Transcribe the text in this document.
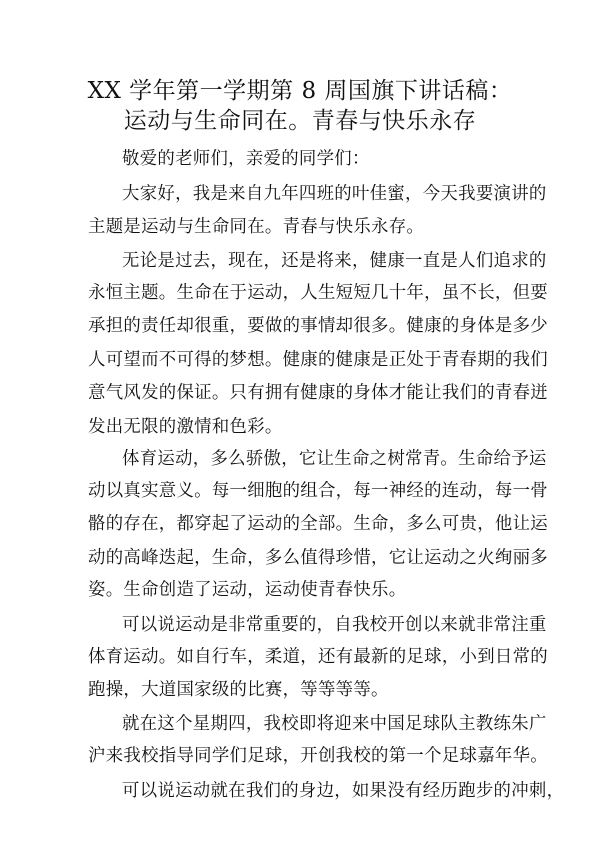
XX 学年第一学期第 8 周国旗下讲话稿：
运动与生命同在。青春与快乐永存
敬爱的老师们，亲爱的同学们：
大家好，我是来自九年四班的叶佳蜜，今天我要演讲的
主题是运动与生命同在。青春与快乐永存。
无论是过去，现在，还是将来，健康一直是人们追求的
永恒主题。生命在于运动，人生短短几十年，虽不长，但要
承担的责任却很重，要做的事情却很多。健康的身体是多少
人可望而不可得的梦想。健康的健康是正处于青春期的我们
意气风发的保证。只有拥有健康的身体才能让我们的青春迸
发出无限的激情和色彩。
体育运动，多么骄傲，它让生命之树常青。生命给予运
动以真实意义。每一细胞的组合，每一神经的连动，每一骨
骼的存在，都穿起了运动的全部。生命，多么可贵，他让运
动的高峰迭起，生命，多么值得珍惜，它让运动之火绚丽多
姿。生命创造了运动，运动使青春快乐。
可以说运动是非常重要的，自我校开创以来就非常注重
体育运动。如自行车，柔道，还有最新的足球，小到日常的
跑操，大道国家级的比赛，等等等等。
就在这个星期四，我校即将迎来中国足球队主教练朱广
沪来我校指导同学们足球，开创我校的第一个足球嘉年华。
可以说运动就在我们的身边，如果没有经历跑步的冲刺，
